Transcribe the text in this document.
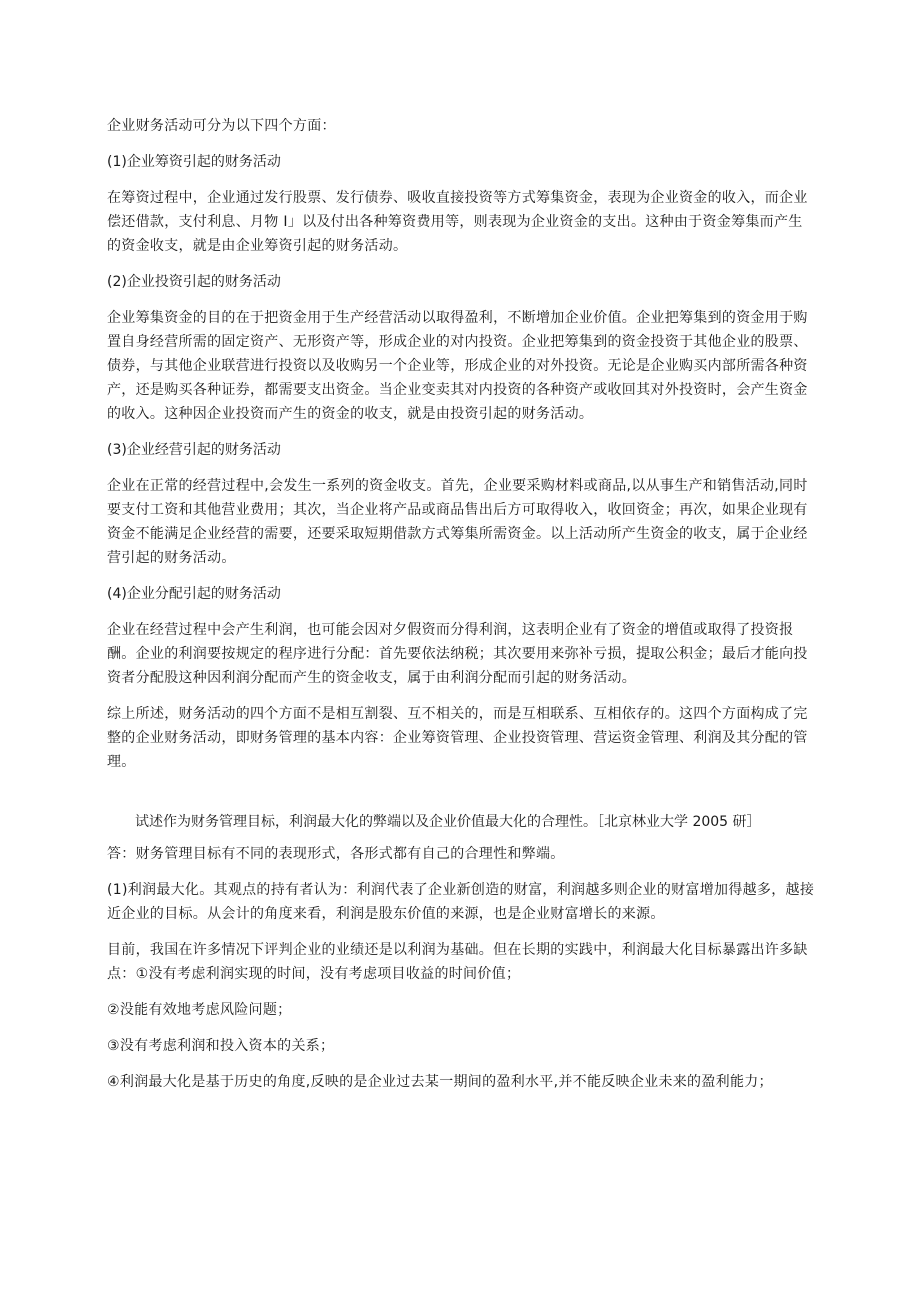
企业财务活动可分为以下四个方面：

(1)企业筹资引起的财务活动

在筹资过程中，企业通过发行股票、发行债券、吸收直接投资等方式筹集资金，表现为企业资金的收入，而企业偿还借款，支付利息、月物 I」以及付出各种筹资费用等，则表现为企业资金的支出。这种由于资金筹集而产生的资金收支，就是由企业筹资引起的财务活动。

(2)企业投资引起的财务活动

企业筹集资金的目的在于把资金用于生产经营活动以取得盈利，不断增加企业价值。企业把筹集到的资金用于购置自身经营所需的固定资产、无形资产等，形成企业的对内投资。企业把筹集到的资金投资于其他企业的股票、债券，与其他企业联营进行投资以及收购另一个企业等，形成企业的对外投资。无论是企业购买内部所需各种资产，还是购买各种证券，都需要支出资金。当企业变卖其对内投资的各种资产或收回其对外投资时，会产生资金的收入。这种因企业投资而产生的资金的收支，就是由投资引起的财务活动。

(3)企业经营引起的财务活动

企业在正常的经营过程中,会发生一系列的资金收支。首先，企业要采购材料或商品,以从事生产和销售活动,同时要支付工资和其他营业费用；其次，当企业将产品或商品售出后方可取得收入，收回资金；再次，如果企业现有资金不能满足企业经营的需要，还要采取短期借款方式筹集所需资金。以上活动所产生资金的收支，属于企业经营引起的财务活动。

(4)企业分配引起的财务活动

企业在经营过程中会产生利润，也可能会因对夕假资而分得利润，这表明企业有了资金的增值或取得了投资报酬。企业的利润要按规定的程序进行分配：首先要依法纳税；其次要用来弥补亏损，提取公积金；最后才能向投资者分配股这种因利润分配而产生的资金收支，属于由利润分配而引起的财务活动。

综上所述，财务活动的四个方面不是相互割裂、互不相关的，而是互相联系、互相依存的。这四个方面构成了完整的企业财务活动，即财务管理的基本内容：企业筹资管理、企业投资管理、营运资金管理、利润及其分配的管理。

试述作为财务管理目标，利润最大化的弊端以及企业价值最大化的合理性。［北京林业大学 2005 研］

答：财务管理目标有不同的表现形式，各形式都有自己的合理性和弊端。

(1)利润最大化。其观点的持有者认为：利润代表了企业新创造的财富，利润越多则企业的财富增加得越多，越接近企业的目标。从会计的角度来看，利润是股东价值的来源，也是企业财富增长的来源。

目前，我国在许多情况下评判企业的业绩还是以利润为基础。但在长期的实践中，利润最大化目标暴露出许多缺点：①没有考虑利润实现的时间，没有考虑项目收益的时间价值；

②没能有效地考虑风险问题；

③没有考虑利润和投入资本的关系；

④利润最大化是基于历史的角度,反映的是企业过去某一期间的盈利水平,并不能反映企业未来的盈利能力；
